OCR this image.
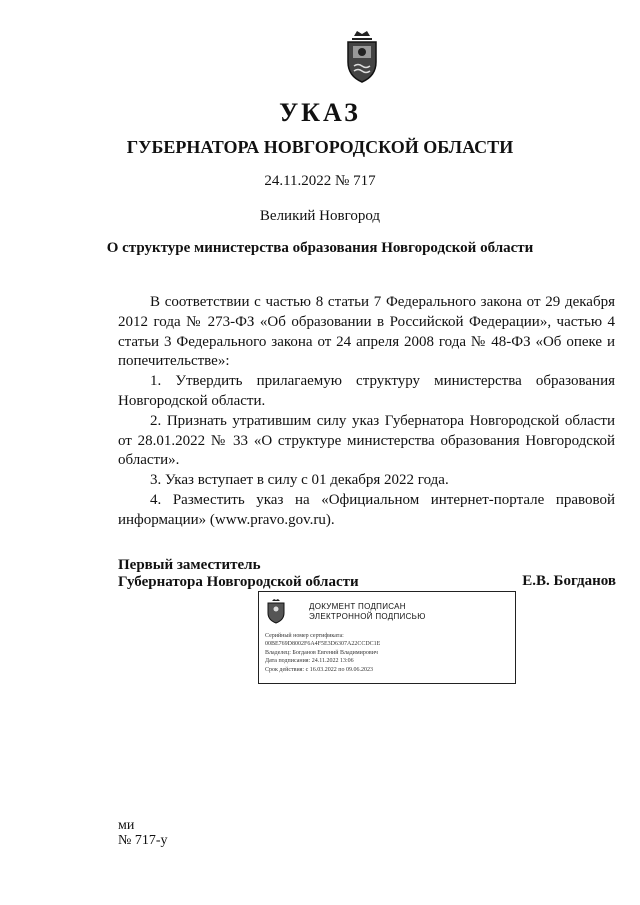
УКАЗ
ГУБЕРНАТОРА НОВГОРОДСКОЙ ОБЛАСТИ
24.11.2022 № 717
Великий Новгород
О структуре министерства образования Новгородской области

В соответствии с частью 8 статьи 7 Федерального закона от 29 декабря 2012 года № 273-ФЗ «Об образовании в Российской Федерации», частью 4 статьи 3 Федерального закона от 24 апреля 2008 года № 48-ФЗ «Об опеке и попечительстве»:

1. Утвердить прилагаемую структуру министерства образования Новгородской области.

2. Признать утратившим силу указ Губернатора Новгородской области от 28.01.2022 № 33 «О структуре министерства образования Новгородской области».

3. Указ вступает в силу с 01 декабря 2022 года.

4. Разместить указ на «Официальном интернет-портале правовой информации» (www.pravo.gov.ru).

Первый заместитель
Губернатора Новгородской области	Е.В. Богданов
ДОКУМЕНТ ПОДПИСАН
ЭЛЕКТРОННОЙ ПОДПИСЬЮ
Серийный номер сертификата:
00BE769D8002F6A4F5E3D6307A22CCDC1E
Владелец: Богданов Евгений Владимирович
Дата подписания: 24.11.2022 13:06
Срок действия: с 16.03.2022 по 09.06.2023
ми
№ 717-у
